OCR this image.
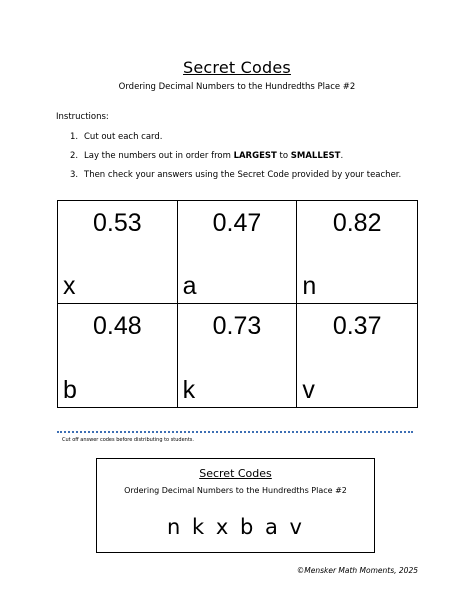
Secret Codes
Ordering Decimal Numbers to the Hundredths Place #2
Instructions:
1. Cut out each card.
2. Lay the numbers out in order from LARGEST to SMALLEST.
3. Then check your answers using the Secret Code provided by your teacher.
0.53
x
0.47
a
0.82
n
0.48
b
0.73
k
0.37
v
Cut off answer codes before distributing to students.
Secret Codes
Ordering Decimal Numbers to the Hundredths Place #2
n k x b a v
©Mensker Math Moments, 2025
